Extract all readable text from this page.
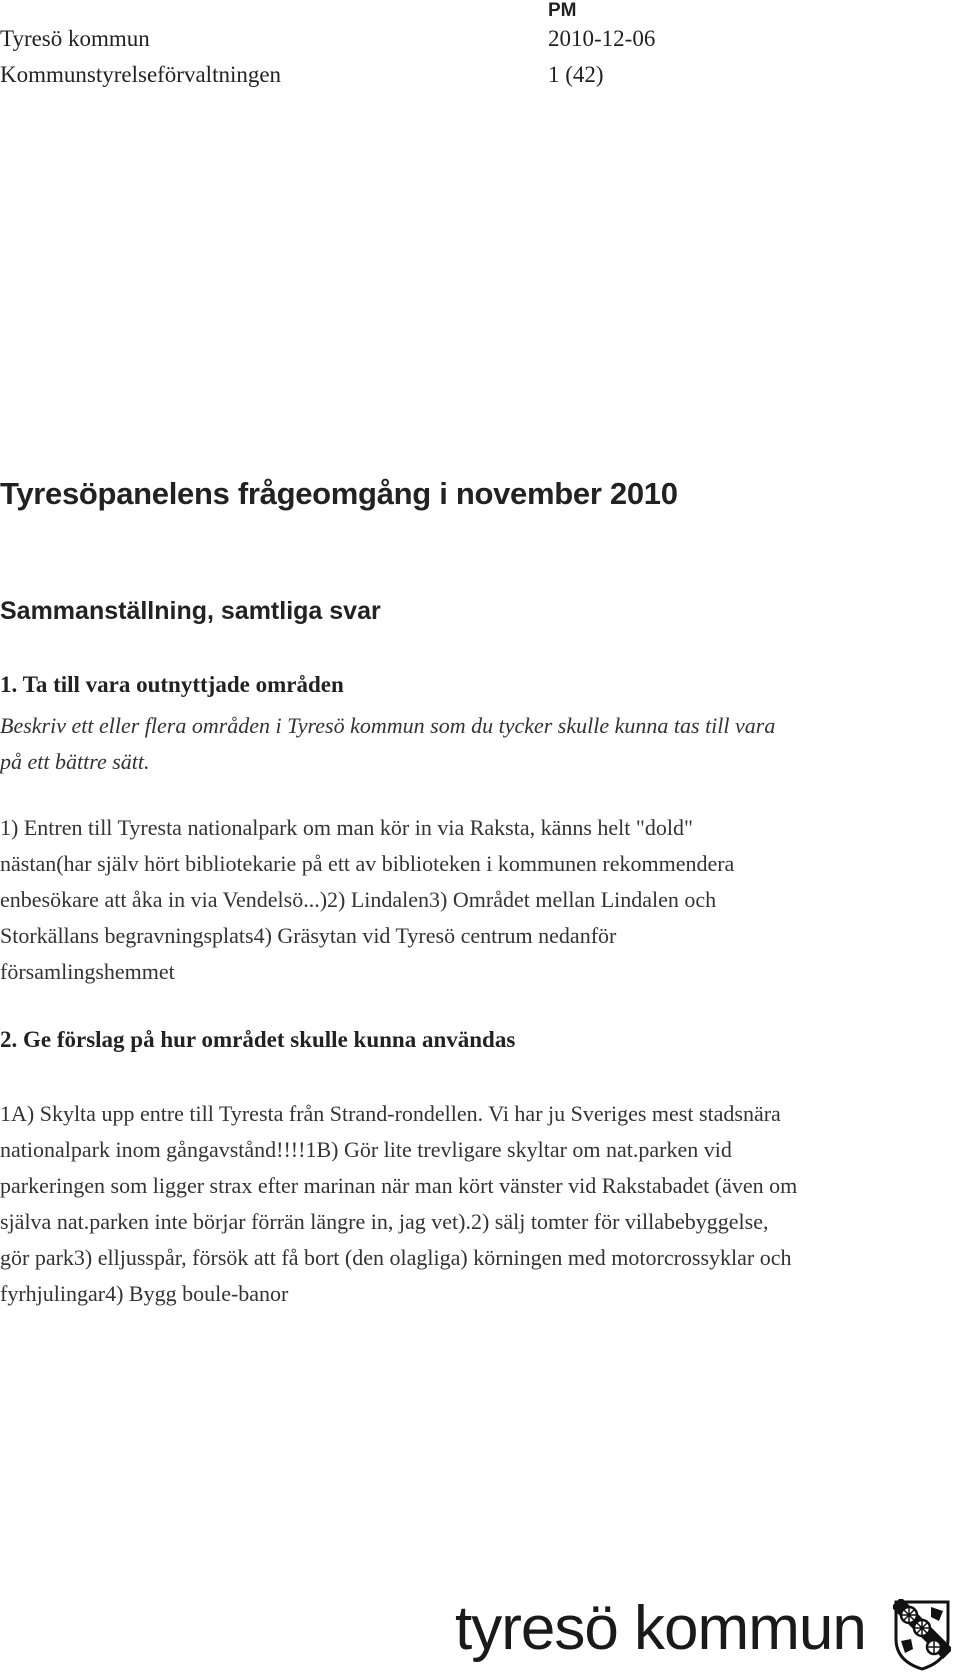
PM
Tyresö kommun	2010-12-06
Kommunstyrelseförvaltningen	1 (42)
Tyresöpanelens frågeomgång i november 2010
Sammanställning, samtliga svar
1. Ta till vara outnyttjade områden
Beskriv ett eller flera områden i Tyresö kommun som du tycker skulle kunna tas till vara på ett bättre sätt.
1) Entren till Tyresta nationalpark om man kör in via Raksta, känns helt "dold" nästan(har själv hört bibliotekarie på ett av biblioteken i kommunen rekommendera enbesökare att åka in via Vendelsö...)2) Lindalen3) Området mellan Lindalen och Storkällans begravningsplats4) Gräsytan vid Tyresö centrum nedanför församlingshemmet
2. Ge förslag på hur området skulle kunna användas
1A) Skylta upp entre till Tyresta från Strand-rondellen. Vi har ju Sveriges mest stadsnära nationalpark inom gångavstånd!!!!1B) Gör lite trevligare skyltar om nat.parken vid parkeringen som ligger strax efter marinan när man kört vänster vid Rakstabadet (även om själva nat.parken inte börjar förrän längre in, jag vet).2) sälj tomter för villabebyggelse, gör park3) elljusspår, försök att få bort (den olagliga) körningen med motorcrossyklar och fyrhjulingar4) Bygg boule-banor
tyresö kommun
